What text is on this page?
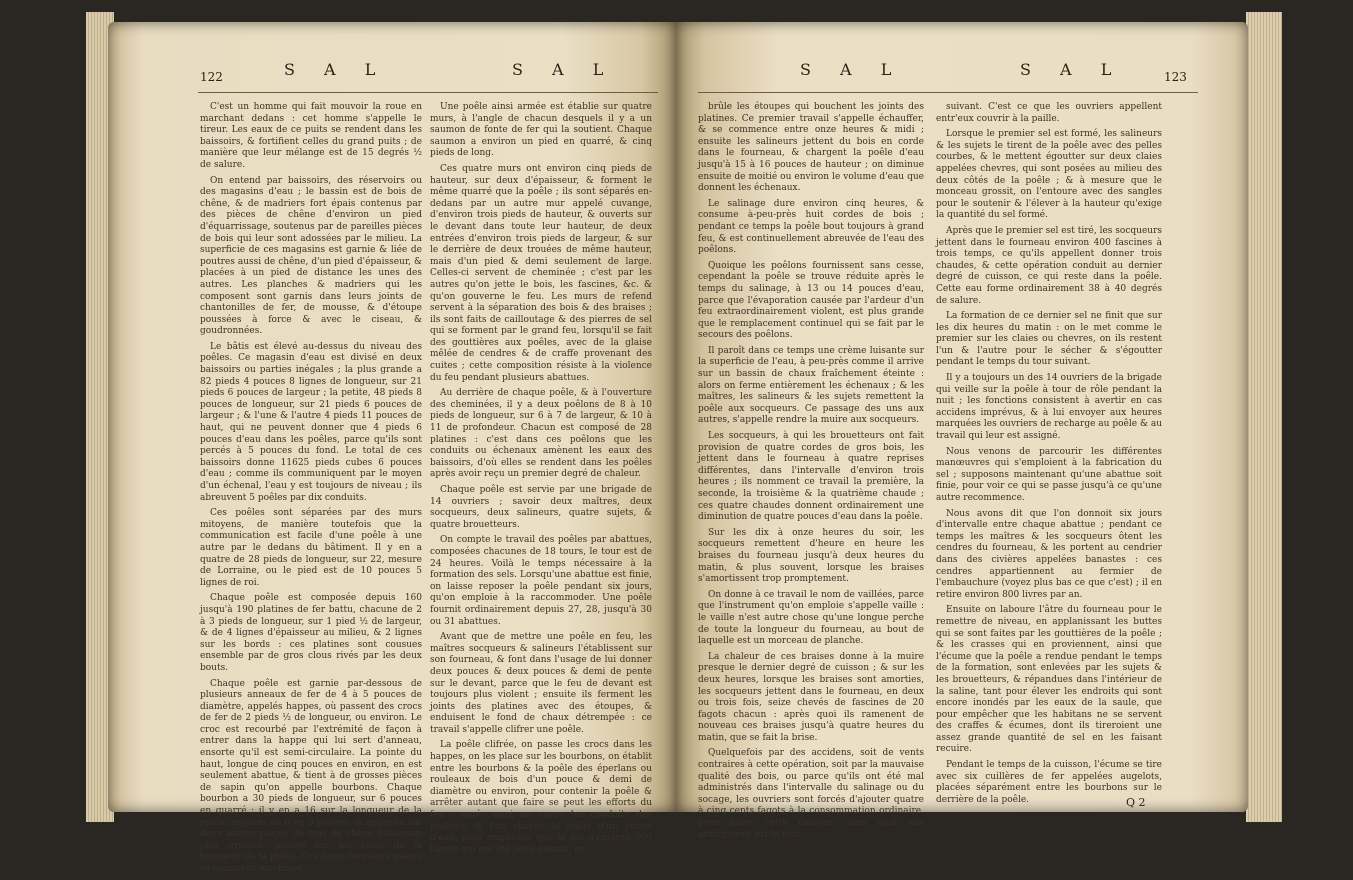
122	S A L	S A L

C'est un homme qui fait mouvoir la roue en marchant dedans : cet homme s'appelle le tireur. Les eaux de ce puits se rendent dans les baissoirs, & fortifient celles du grand puits ; de manière que leur mélange est de 15 degrés ½ de salure.

On entend par baissoirs, des réservoirs ou des magasins d'eau ; le bassin est de bois de chêne, & de madriers fort épais contenus par des pièces de chêne d'environ un pied d'équarrissage, soutenus par de pareilles pièces de bois qui leur sont adossées par le milieu. La superficie de ces magasins est garnie & liée de poutres aussi de chêne, d'un pied d'épaisseur, & placées à un pied de distance les unes des autres. Les planches & madriers qui les composent sont garnis dans leurs joints de chantonilles de fer, de mousse, & d'étoupe poussées à force & avec le ciseau, & goudronnées.

Le bâtis est élevé au-dessus du niveau des poêles. Ce magasin d'eau est divisé en deux baissoirs ou parties inégales ; la plus grande a 82 pieds 4 pouces 8 lignes de longueur, sur 21 pieds 6 pouces de largeur ; la petite, 48 pieds 8 pouces de longueur, sur 21 pieds 6 pouces de largeur ; & l'une & l'autre 4 pieds 11 pouces de haut, qui ne peuvent donner que 4 pieds 6 pouces d'eau dans les poêles, parce qu'ils sont percés à 5 pouces du fond. Le total de ces baissoirs donne 11625 pieds cubes 6 pouces d'eau ; comme ils communiquent par le moyen d'un échenal, l'eau y est toujours de niveau ; ils abreuvent 5 poêles par dix conduits.

Ces poêles sont séparées par des murs mitoyens, de manière toutefois que la communication est facile d'une poêle à une autre par le dedans du bâtiment. Il y en a quatre de 28 pieds de longueur, sur 22, mesure de Lorraine, ou le pied est de 10 pouces 5 lignes de roi.

Chaque poêle est composée depuis 160 jusqu'à 190 platines de fer battu, chacune de 2 à 3 pieds de longueur, sur 1 pied ½ de largeur, & de 4 lignes d'épaisseur au milieu, & 2 lignes sur les bords : ces platines sont cousues ensemble par de gros clous rivés par les deux bouts.

Chaque poêle est garnie par-dessous de plusieurs anneaux de fer de 4 à 5 pouces de diamètre, appelés happes, où passent des crocs de fer de 2 pieds ½ de longueur, ou environ. Le croc est recourbé par l'extrémité de façon à entrer dans la happe qui lui sert d'anneau, ensorte qu'il est semi-circulaire. La pointe du haut, longue de cinq pouces en environ, en est seulement abattue, & tient à de grosses pièces de sapin qu'on appelle bourbons. Chaque bourbon a 30 pieds de longueur, sur 6 pouces en quarré ; il y en a 16 sur la longueur de la poêle, espacés de 6 en 6 pouces, & appuyés sur deux autres pièces de bois de chêne beaucoup plus grosses, posées sur les faces de la longueur de la poêle. Ces deux dernières pièces se nomment machines.

Une poêle ainsi armée est établie sur quatre murs, à l'angle de chacun desquels il y a un saumon de fonte de fer qui la soutient. Chaque saumon a environ un pied en quarré, & cinq pieds de long.

Ces quatre murs ont environ cinq pieds de hauteur, sur deux d'épaisseur, & forment le même quarré que la poêle ; ils sont séparés en-dedans par un autre mur appelé cuvange, d'environ trois pieds de hauteur, & ouverts sur le devant dans toute leur hauteur, de deux entrées d'environ trois pieds de largeur, & sur le derrière de deux trouées de même hauteur, mais d'un pied & demi seulement de large. Celles-ci servent de cheminée ; c'est par les autres qu'on jette le bois, les fascines, &c. & qu'on gouverne le feu. Les murs de refend servent à la séparation des bois & des braises ; ils sont faits de cailloutage & des pierres de sel qui se forment par le grand feu, lorsqu'il se fait des gouttières aux poêles, avec de la glaise mêlée de cendres & de craffe provenant des cuites ; cette composition résiste à la violence du feu pendant plusieurs abattues.

Au derrière de chaque poêle, & à l'ouverture des cheminées, il y a deux poêlons de 8 à 10 pieds de longueur, sur 6 à 7 de largeur, & 10 à 11 de profondeur. Chacun est composé de 28 platines : c'est dans ces poêlons que les conduits ou échenaux amènent les eaux des baissoirs, d'où elles se rendent dans les poêles après avoir reçu un premier degré de chaleur.

Chaque poêle est servie par une brigade de 14 ouvriers ; savoir deux maîtres, deux socqueurs, deux salineurs, quatre sujets, & quatre brouetteurs.

On compte le travail des poêles par abattues, composées chacunes de 18 tours, le tour est de 24 heures. Voilà le temps nécessaire à la formation des sels. Lorsqu'une abattue est finie, on laisse reposer la poêle pendant six jours, qu'on emploie à la raccommoder. Une poêle fournit ordinairement depuis 27, 28, jusqu'à 30 ou 31 abattues.

Avant que de mettre une poêle en feu, les maîtres socqueurs & salineurs l'établissent sur son fourneau, & font dans l'usage de lui donner deux pouces & deux pouces & demi de pente sur le devant, parce que le feu de devant est toujours plus violent ; ensuite ils ferment les joints des platines avec des étoupes, & enduisent le fond de chaux détrempée : ce travail s'appelle clifrer une poêle.

La poêle clifrée, on passe les crocs dans les happes, on les place sur les bourbons, on établit entre les bourbons & la poêle des éperlans ou rouleaux de bois d'un pouce & demi de diamètre ou environ, pour contenir la poêle & arrêter autant que faire se peut les efforts du feu : après quoi on ouvre les conduits des poêlons, & l'on charge la poêle d'un pouce d'eau, pour empêcher que le feu d'environ 300 fagots qui ont été jetés dessus, ne

S A L	S A L	123

brûle les étoupes qui bouchent les joints des platines. Ce premier travail s'appelle échauffer, & se commence entre onze heures & midi ; ensuite les salineurs jettent du bois en corde dans le fourneau, & chargent la poêle d'eau jusqu'à 15 à 16 pouces de hauteur ; on diminue ensuite de moitié ou environ le volume d'eau que donnent les échenaux.

Le salinage dure environ cinq heures, & consume à-peu-près huit cordes de bois ; pendant ce temps la poêle bout toujours à grand feu, & est continuellement abreuvée de l'eau des poêlons.

Quoique les poêlons fournissent sans cesse, cependant la poêle se trouve réduite après le temps du salinage, à 13 ou 14 pouces d'eau, parce que l'évaporation causée par l'ardeur d'un feu extraordinairement violent, est plus grande que le remplacement continuel qui se fait par le secours des poêlons.

Il paroît dans ce temps une crème luisante sur la superficie de l'eau, à peu-près comme il arrive sur un bassin de chaux fraîchement éteinte : alors on ferme entièrement les échenaux ; & les maîtres, les salineurs & les sujets remettent la poêle aux socqueurs. Ce passage des uns aux autres, s'appelle rendre la muire aux socqueurs.

Les socqueurs, à qui les brouetteurs ont fait provision de quatre cordes de gros bois, les jettent dans le fourneau à quatre reprises différentes, dans l'intervalle d'environ trois heures ; ils nomment ce travail la première, la seconde, la troisième & la quatrième chaude ; ces quatre chaudes donnent ordinairement une diminution de quatre pouces d'eau dans la poêle.

Sur les dix à onze heures du soir, les socqueurs remettent d'heure en heure les braises du fourneau jusqu'à deux heures du matin, & plus souvent, lorsque les braises s'amortissent trop promptement.

On donne à ce travail le nom de vaillées, parce que l'instrument qu'on emploie s'appelle vaille : le vaille n'est autre chose qu'une longue perche de toute la longueur du fourneau, au bout de laquelle est un morceau de planche.

La chaleur de ces braises donne à la muire presque le dernier degré de cuisson ; & sur les deux heures, lorsque les braises sont amorties, les socqueurs jettent dans le fourneau, en deux ou trois fois, seize chevés de fascines de 20 fagots chacun : après quoi ils ramenent de nouveau ces braises jusqu'à quatre heures du matin, que se fait la brise.

Quelquefois par des accidens, soit de vents contraires à cette opération, soit par la mauvaise qualité des bois, ou parce qu'ils ont été mal administrés dans l'intervalle du salinage ou du socage, les ouvriers sont forcés d'ajouter quatre à cinq cents fagots à la consommation ordinaire, pour hâter cette cuisson, sans quoi elle anticiperoit sur le tour

suivant. C'est ce que les ouvriers appellent entr'eux couvrir à la paille.

Lorsque le premier sel est formé, les salineurs & les sujets le tirent de la poêle avec des pelles courbes, & le mettent égoutter sur deux claies appelées chevres, qui sont posées au milieu des deux côtés de la poêle ; & à mesure que le monceau grossit, on l'entoure avec des sangles pour le soutenir & l'élever à la hauteur qu'exige la quantité du sel formé.

Après que le premier sel est tiré, les socqueurs jettent dans le fourneau environ 400 fascines à trois temps, ce qu'ils appellent donner trois chaudes, & cette opération conduit au dernier degré de cuisson, ce qui reste dans la poêle. Cette eau forme ordinairement 38 à 40 degrés de salure.

La formation de ce dernier sel ne finit que sur les dix heures du matin : on le met comme le premier sur les claies ou chevres, on ils restent l'un & l'autre pour le sécher & s'égoutter pendant le temps du tour suivant.

Il y a toujours un des 14 ouvriers de la brigade qui veille sur la poêle à tour de rôle pendant la nuit ; les fonctions consistent à avertir en cas accidens imprévus, & à lui envoyer aux heures marquées les ouvriers de recharge au poêle & au travail qui leur est assigné.

Nous venons de parcourir les différentes manœuvres qui s'emploient à la fabrication du sel ; supposons maintenant qu'une abattue soit finie, pour voir ce qui se passe jusqu'à ce qu'une autre recommence.

Nous avons dit que l'on donnoit six jours d'intervalle entre chaque abattue ; pendant ce temps les maîtres & les socqueurs ôtent les cendres du fourneau, & les portent au cendrier dans des civières appelées banastes : ces cendres appartiennent au fermier de l'embauchure (voyez plus bas ce que c'est) ; il en retire environ 800 livres par an.

Ensuite on laboure l'âtre du fourneau pour le remettre de niveau, en applanissant les buttes qui se sont faites par les gouttières de la poêle ; & les crasses qui en proviennent, ainsi que l'écume que la poêle a rendue pendant le temps de la formation, sont enlevées par les sujets & les brouetteurs, & répandues dans l'intérieur de la saline, tant pour élever les endroits qui sont encore inondés par les eaux de la saule, que pour empêcher que les habitans ne se servent des craffes & écumes, dont ils tireroient une assez grande quantité de sel en les faisant recuire.

Pendant le temps de la cuisson, l'écume se tire avec six cuillères de fer appelées augelots, placées séparément entre les bourbons sur le derrière de la poêle.	Q 2
